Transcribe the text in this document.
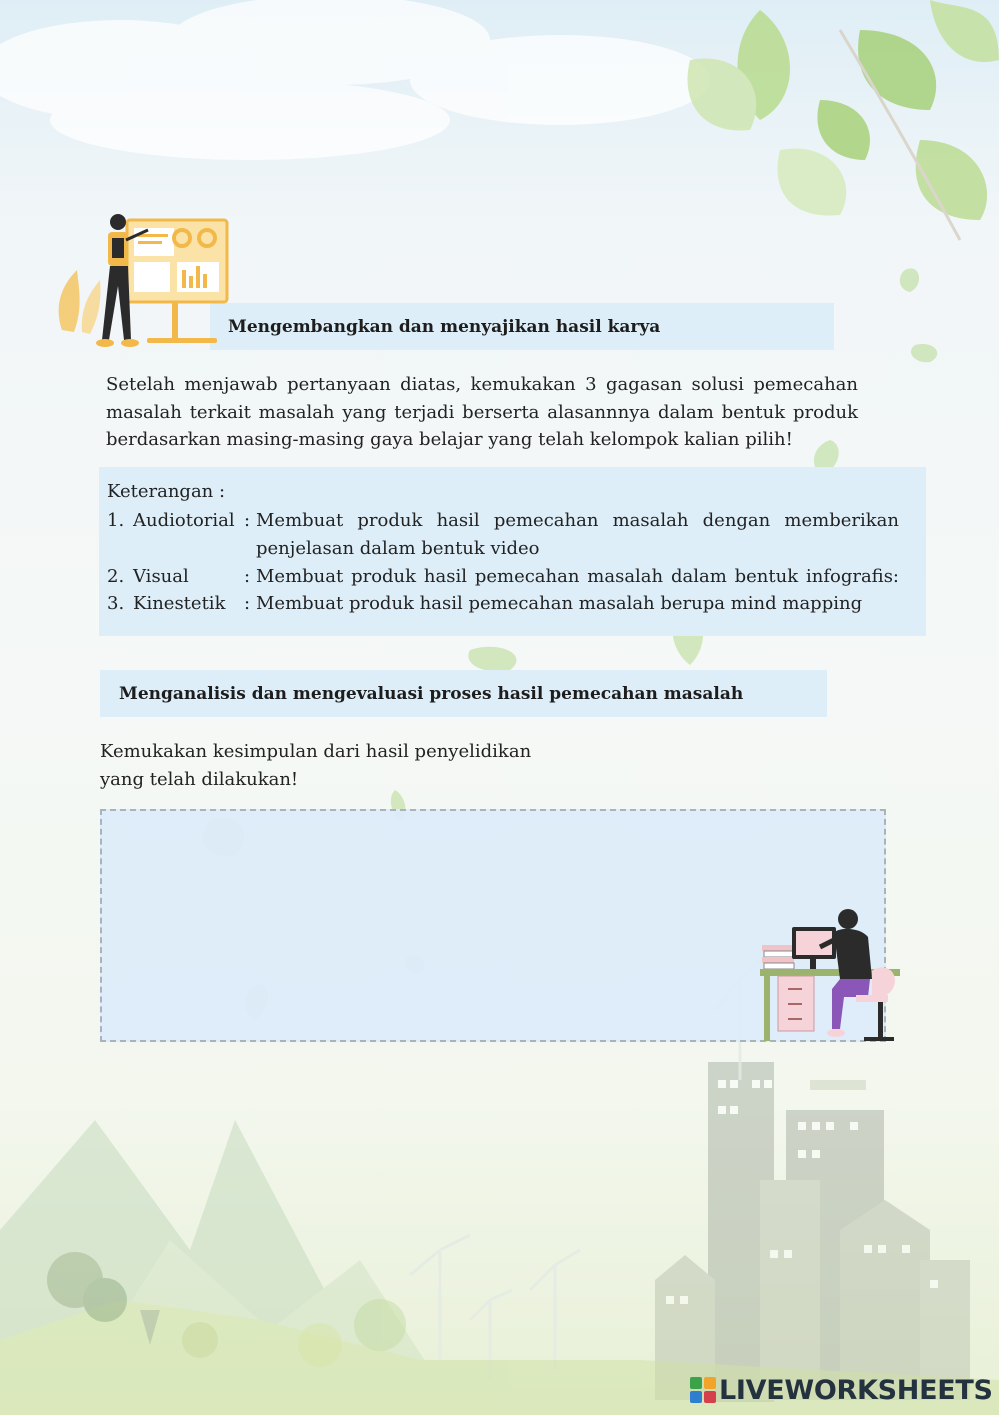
Mengembangkan dan menyajikan hasil karya
Setelah menjawab pertanyaan diatas, kemukakan 3 gagasan solusi pemecahan masalah terkait masalah yang terjadi berserta alasannnya dalam bentuk produk berdasarkan masing-masing gaya belajar yang telah kelompok kalian pilih!
Keterangan :
1. Audiotorial : Membuat produk hasil pemecahan masalah dengan memberikan penjelasan dalam bentuk video
2. Visual	: Membuat produk hasil pemecahan masalah dalam bentuk infografis:
3. Kinestetik : Membuat produk hasil pemecahan masalah berupa mind mapping
Menganalisis dan mengevaluasi proses hasil pemecahan masalah
Kemukakan kesimpulan dari hasil penyelidikan
yang telah dilakukan!
LIVEWORKSHEETS
